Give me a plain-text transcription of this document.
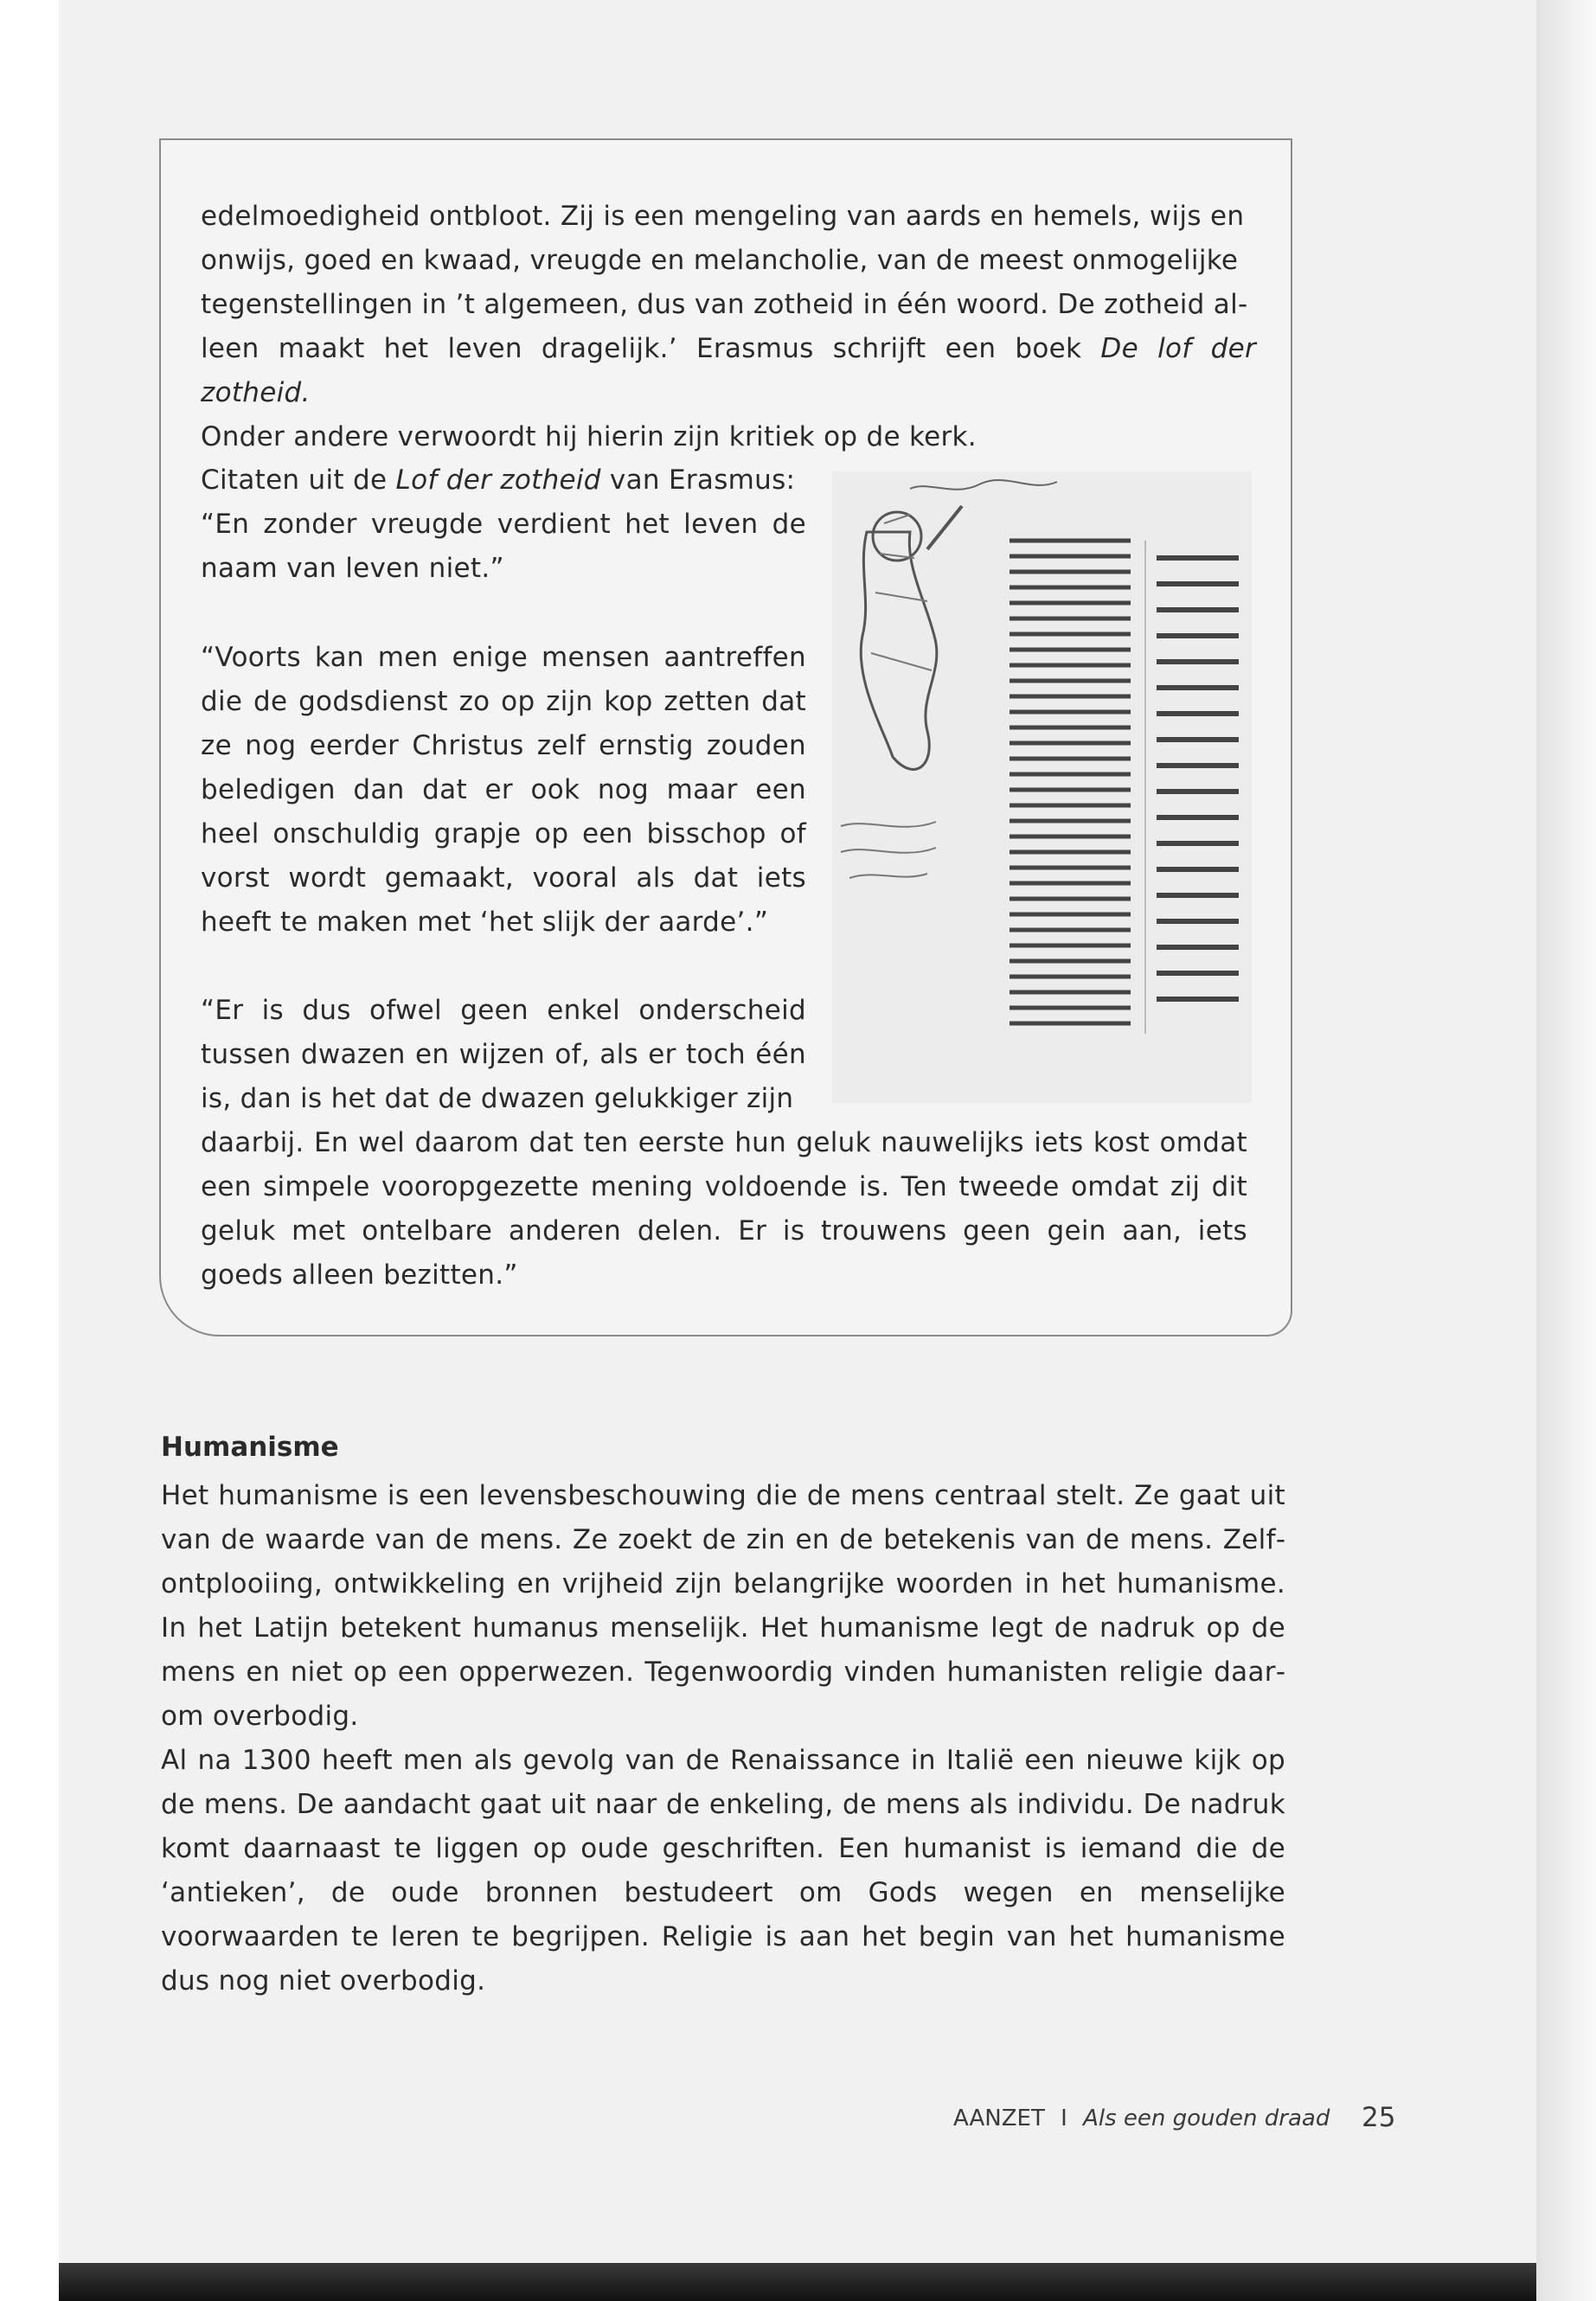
edelmoedigheid ontbloot. Zij is een mengeling van aards en hemels, wijs en
onwijs, goed en kwaad, vreugde en melancholie, van de meest onmogelijke
tegenstellingen in ’t algemeen, dus van zotheid in één woord. De zotheid al-
leen maakt het leven dragelijk.’ Erasmus schrijft een boek De lof der zotheid.
Onder andere verwoordt hij hierin zijn kritiek op de kerk.

Citaten uit de Lof der zotheid van Erasmus:

“En zonder vreugde verdient het leven de naam van leven niet.”

“Voorts kan men enige mensen aantreffen die de godsdienst zo op zijn kop zetten dat ze nog eerder Christus zelf ernstig zouden beledigen dan dat er ook nog maar een heel onschuldig grapje op een bisschop of vorst wordt gemaakt, vooral als dat iets heeft te maken met ‘het slijk der aarde’.”

“Er is dus ofwel geen enkel onderscheid tussen dwazen en wijzen of, als er toch één is, dan is het dat de dwazen gelukkiger zijn

daarbij. En wel daarom dat ten eerste hun geluk nauwelijks iets kost omdat een simpele vooropgezette mening voldoende is. Ten tweede omdat zij dit geluk met ontelbare anderen delen. Er is trouwens geen gein aan, iets goeds alleen bezitten.”

Humanisme

Het humanisme is een levensbeschouwing die de mens centraal stelt. Ze gaat uit van de waarde van de mens. Ze zoekt de zin en de betekenis van de mens. Zelfontplooiing, ontwikkeling en vrijheid zijn belangrijke woorden in het humanisme. In het Latijn betekent humanus menselijk. Het humanisme legt de nadruk op de mens en niet op een opperwezen. Tegenwoordig vinden humanisten religie daarom overbodig.

Al na 1300 heeft men als gevolg van de Renaissance in Italië een nieuwe kijk op de mens. De aandacht gaat uit naar de enkeling, de mens als individu. De nadruk komt daarnaast te liggen op oude geschriften. Een humanist is iemand die de ‘antieken’, de oude bronnen bestudeert om Gods wegen en menselijke voorwaarden te leren te begrijpen. Religie is aan het begin van het humanisme dus nog niet overbodig.

AANZET I Als een gouden draad 25
